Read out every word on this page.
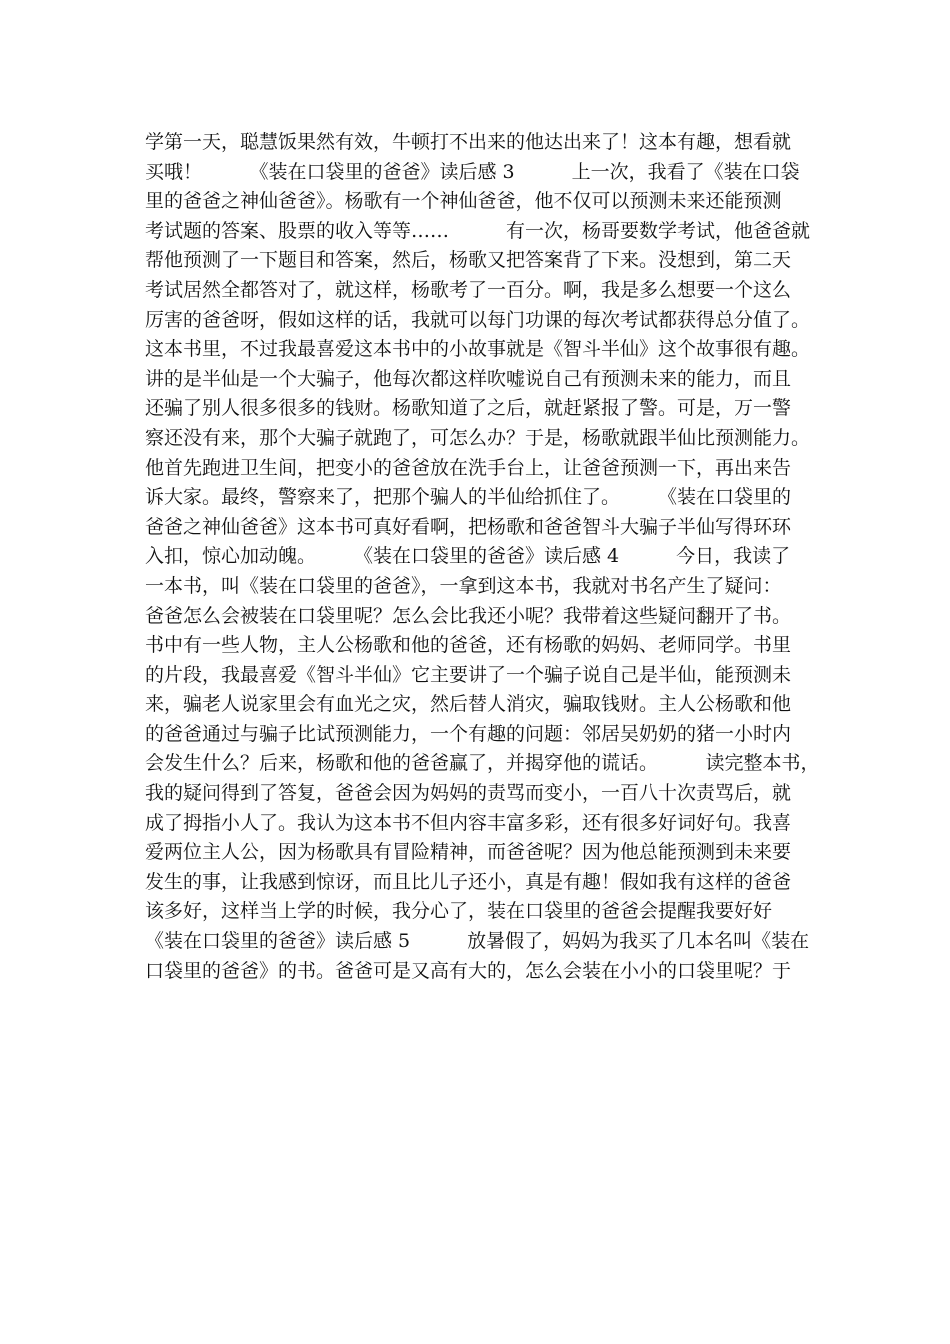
学第一天，聪慧饭果然有效，牛顿打不出来的他达出来了！这本有趣，想看就
买哦！　　　《装在口袋里的爸爸》读后感 3　　　上一次，我看了《装在口袋
里的爸爸之神仙爸爸》。杨歌有一个神仙爸爸，他不仅可以预测未来还能预测
考试题的答案、股票的收入等等……　　　有一次，杨哥要数学考试，他爸爸就
帮他预测了一下题目和答案，然后，杨歌又把答案背了下来。没想到，第二天
考试居然全都答对了，就这样，杨歌考了一百分。啊，我是多么想要一个这么
厉害的爸爸呀，假如这样的话，我就可以每门功课的每次考试都获得总分值了。
这本书里，不过我最喜爱这本书中的小故事就是《智斗半仙》这个故事很有趣。
讲的是半仙是一个大骗子，他每次都这样吹嘘说自己有预测未来的能力，而且
还骗了别人很多很多的钱财。杨歌知道了之后，就赶紧报了警。可是，万一警
察还没有来，那个大骗子就跑了，可怎么办？于是，杨歌就跟半仙比预测能力。
他首先跑进卫生间，把变小的爸爸放在洗手台上，让爸爸预测一下，再出来告
诉大家。最终，警察来了，把那个骗人的半仙给抓住了。　　　《装在口袋里的
爸爸之神仙爸爸》这本书可真好看啊，把杨歌和爸爸智斗大骗子半仙写得环环
入扣，惊心加动魄。　　　《装在口袋里的爸爸》读后感 4　　　今日，我读了
一本书，叫《装在口袋里的爸爸》，一拿到这本书，我就对书名产生了疑问：
爸爸怎么会被装在口袋里呢？怎么会比我还小呢？我带着这些疑问翻开了书。
书中有一些人物，主人公杨歌和他的爸爸，还有杨歌的妈妈、老师同学。书里
的片段，我最喜爱《智斗半仙》它主要讲了一个骗子说自己是半仙，能预测未
来，骗老人说家里会有血光之灾，然后替人消灾，骗取钱财。主人公杨歌和他
的爸爸通过与骗子比试预测能力，一个有趣的问题：邻居吴奶奶的猪一小时内
会发生什么？后来，杨歌和他的爸爸赢了，并揭穿他的谎话。　　　读完整本书，
我的疑问得到了答复，爸爸会因为妈妈的责骂而变小，一百八十次责骂后，就
成了拇指小人了。我认为这本书不但内容丰富多彩，还有很多好词好句。我喜
爱两位主人公，因为杨歌具有冒险精神，而爸爸呢？因为他总能预测到未来要
发生的事，让我感到惊讶，而且比儿子还小，真是有趣！假如我有这样的爸爸
该多好，这样当上学的时候，我分心了，装在口袋里的爸爸会提醒我要好好
《装在口袋里的爸爸》读后感 5　　　放暑假了，妈妈为我买了几本名叫《装在
口袋里的爸爸》的书。爸爸可是又高有大的，怎么会装在小小的口袋里呢？于
